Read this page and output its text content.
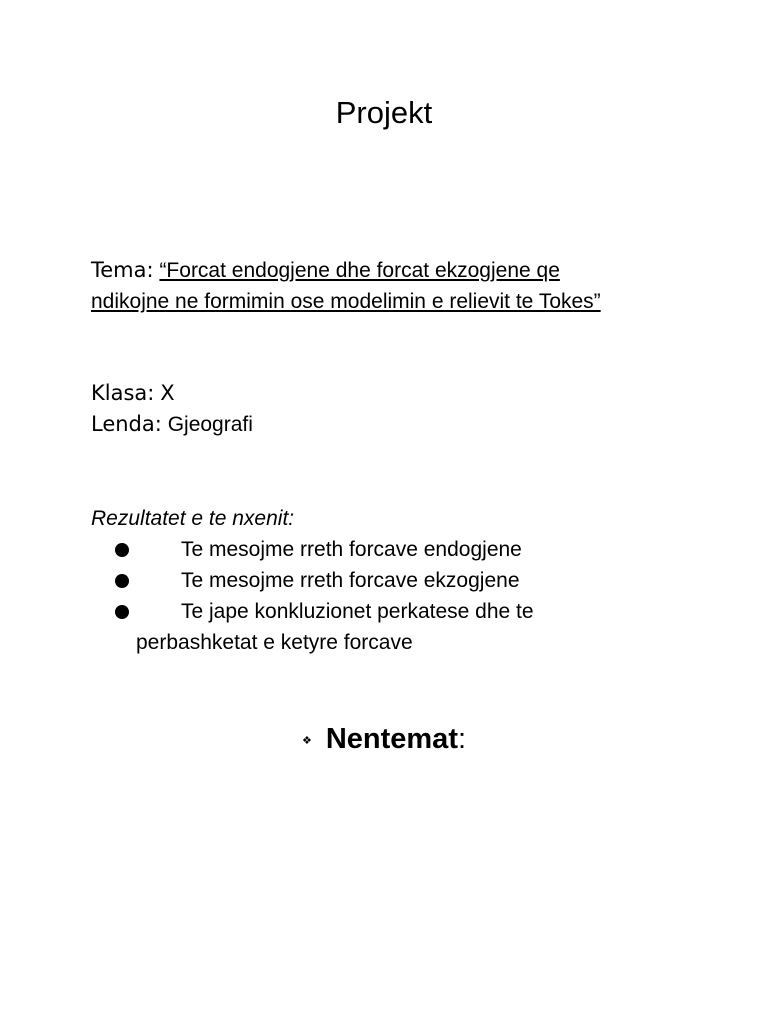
Projekt
Tema: “Forcat endogjene dhe forcat ekzogjene qe ndikojne ne formimin ose modelimin e relievit te Tokes”
Klasa: X
Lenda: Gjeografi
Rezultatet e te nxenit:
Te mesojme rreth forcave endogjene
Te mesojme rreth forcave ekzogjene
Te jape konkluzionet perkatese dhe te perbashketat e ketyre forcave
❖ Nentemat:
